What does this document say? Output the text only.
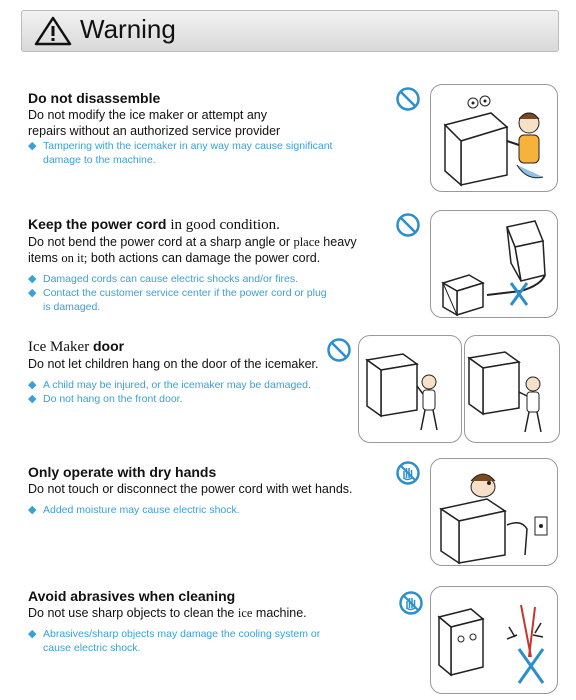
Warning
Do not disassemble
Do not modify the ice maker or attempt any
repairs without an authorized service provider
◆ Tampering with the icemaker in any way may cause significant
damage to the machine.
Keep the power cord in good condition.
Do not bend the power cord at a sharp angle or place heavy
items on it; both actions can damage the power cord.
◆ Damaged cords can cause electric shocks and/or fires.
◆ Contact the customer service center if the power cord or plug
is damaged.
Ice Maker door
Do not let children hang on the door of the icemaker.
◆ A child may be injured, or the icemaker may be damaged.
◆ Do not hang on the front door.
Only operate with dry hands
Do not touch or disconnect the power cord with wet hands.
◆ Added moisture may cause electric shock.
Avoid abrasives when cleaning
Do not use sharp objects to clean the ice machine.
◆ Abrasives/sharp objects may damage the cooling system or
cause electric shock.
